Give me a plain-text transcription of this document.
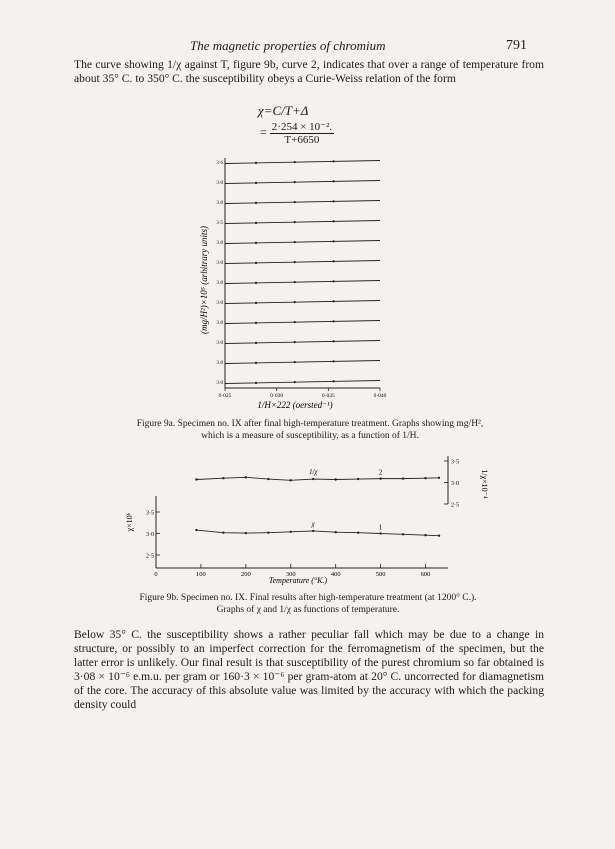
The magnetic properties of chromium	791
The curve showing 1/χ against T, figure 9b, curve 2, indicates that over a range of temperature from about 35° C. to 350° C. the susceptibility obeys a Curie-Weiss relation of the form
χ=C/T+Δ
= $\frac{\text{2·254 × 10⁻².}}{T+6650}$
3·6
3·0
3·0
3·5
3·0
3·0
3·0
3·0
3·0
3·0
3·0
3·0
0·025	0·030	0·035	0·040
(mg/H²)×10⁵ (arbitrary units)
1/H×222 (oersted⁻¹)
Figure 9a. Specimen no. IX after final high-temperature treatment. Graphs showing mg/H², which is a measure of susceptibility, as a function of 1/H.
0	100	200	300	400	500	600
3·5
3·0
2·5
3·5
3·0
2·5
1/χ	2
χ	1
χ×10⁶
1/χ×10⁻⁴
Temperature (°K.)
Figure 9b. Specimen no. IX. Final results after high-temperature treatment (at 1200° C.).
Graphs of χ and 1/χ as functions of temperature.
Below 35° C. the susceptibility shows a rather peculiar fall which may be due to a change in structure, or possibly to an imperfect correction for the ferromagnetism of the specimen, but the latter error is unlikely. Our final result is that susceptibility of the purest chromium so far obtained is 3·08 × 10⁻⁶ e.m.u. per gram or 160·3 × 10⁻⁶ per gram-atom at 20° C. uncorrected for diamagnetism of the core. The accuracy of this absolute value was limited by the accuracy with which the packing density could
